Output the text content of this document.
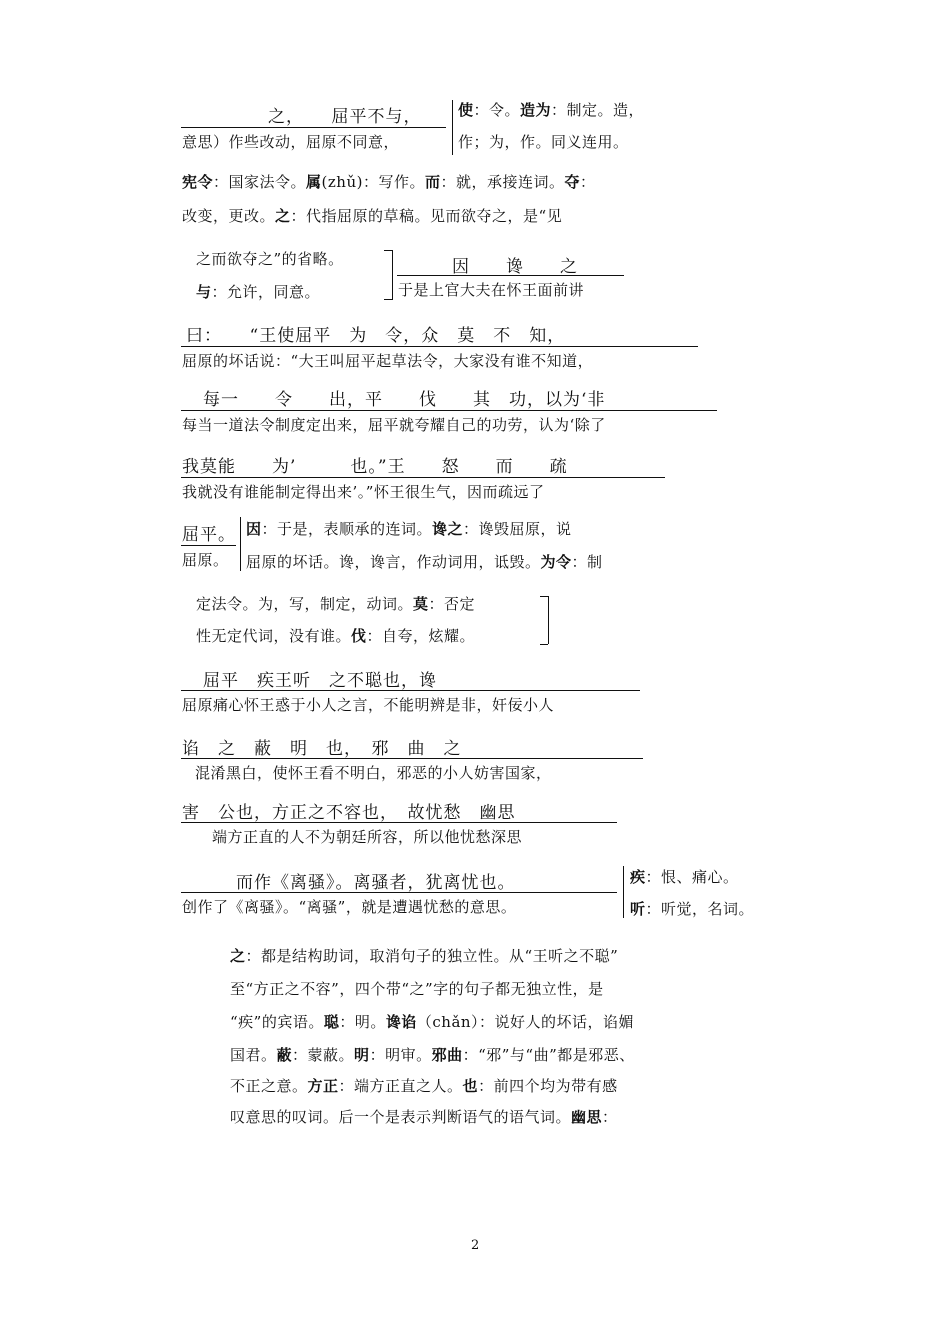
之，　　屈平不与，
意思）作些改动，屈原不同意，
使：令。造为：制定。造，
作；为，作。同义连用。
宪令：国家法令。属(zhǔ)：写作。而：就，承接连词。夺：
改变，更改。之：代指屈原的草稿。见而欲夺之，是“见
之而欲夺之”的省略。
与：允许，同意。
因　　谗　　之
于是上官大夫在怀王面前讲
曰：　　“王使屈平　为　令，众　莫　不　知，
屈原的坏话说：“大王叫屈平起草法令，大家没有谁不知道，
每一　　令　　出，平　　伐　　其　功，以为‘非
每当一道法令制度定出来，屈平就夸耀自己的功劳，认为‘除了
我莫能　　为’　　　也。”王　　怒　　而　　疏
我就没有谁能制定得出来’。”怀王很生气，因而疏远了
屈平。
屈原。
因：于是，表顺承的连词。谗之：谗毁屈原，说
屈原的坏话。谗，谗言，作动词用，诋毁。为令：制
定法令。为，写，制定，动词。莫：否定
性无定代词，没有谁。伐：自夸，炫耀。
屈平　疾王听　之不聪也，谗
屈原痛心怀王惑于小人之言，不能明辨是非，奸佞小人
谄　之　蔽　明　也，　邪　曲　之
混淆黑白，使怀王看不明白，邪恶的小人妨害国家，
害　公也，方正之不容也，　故忧愁　幽思
端方正直的人不为朝廷所容，所以他忧愁深思
而作《离骚》。离骚者，犹离忧也。
创作了《离骚》。“离骚”，就是遭遇忧愁的意思。
疾：恨、痛心。
听：听觉，名词。
之：都是结构助词，取消句子的独立性。从“王听之不聪”
至“方正之不容”，四个带“之”字的句子都无独立性，是
“疾”的宾语。聪：明。谗谄（chǎn）：说好人的坏话，谄媚
国君。蔽：蒙蔽。明：明审。邪曲：“邪”与“曲”都是邪恶、
不正之意。方正：端方正直之人。也：前四个均为带有感
叹意思的叹词。后一个是表示判断语气的语气词。幽思：
2
